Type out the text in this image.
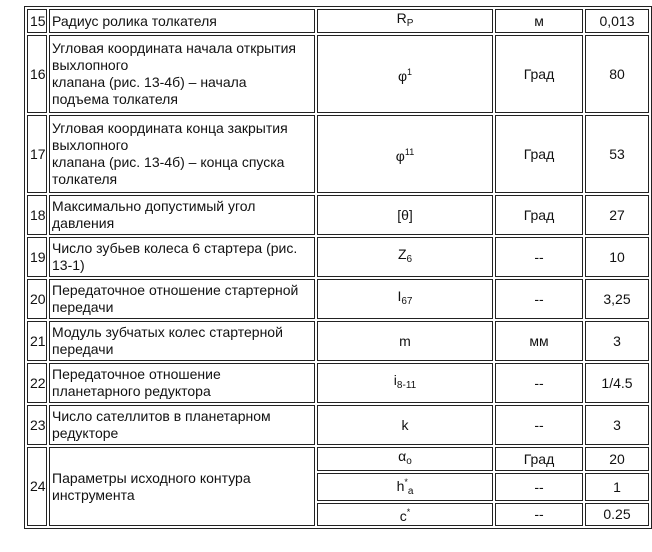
15	Радиус ролика толкателя	$R_P$	м	0,013
16	Угловая координата начала открытия
выхлопного
клапана (рис. 13-4б) – начала
подъема толкателя	$\varphi^1$	Град	80
17	Угловая координата конца закрытия
выхлопного
клапана (рис. 13-4б) – конца спуска
толкателя	$\varphi^{11}$	Град	53
18	Максимально допустимый угол
давления	[θ]	Град	27
19	Число зубьев колеса 6 стартера (рис.
13-1)	$Z_6$	--	10
20	Передаточное отношение стартерной
передачи	$I_{67}$	--	3,25
21	Модуль зубчатых колес стартерной
передачи	m	мм	3
22	Передаточное отношение
планетарного редуктора	$i_{8-11}$	--	1/4.5
23	Число сателлитов в планетарном
редукторе	k	--	3
24	Параметры исходного контура
инструмента	$\alpha_o$	Град	20
		$h^*_a$	--	1
		c*	--	0.25
